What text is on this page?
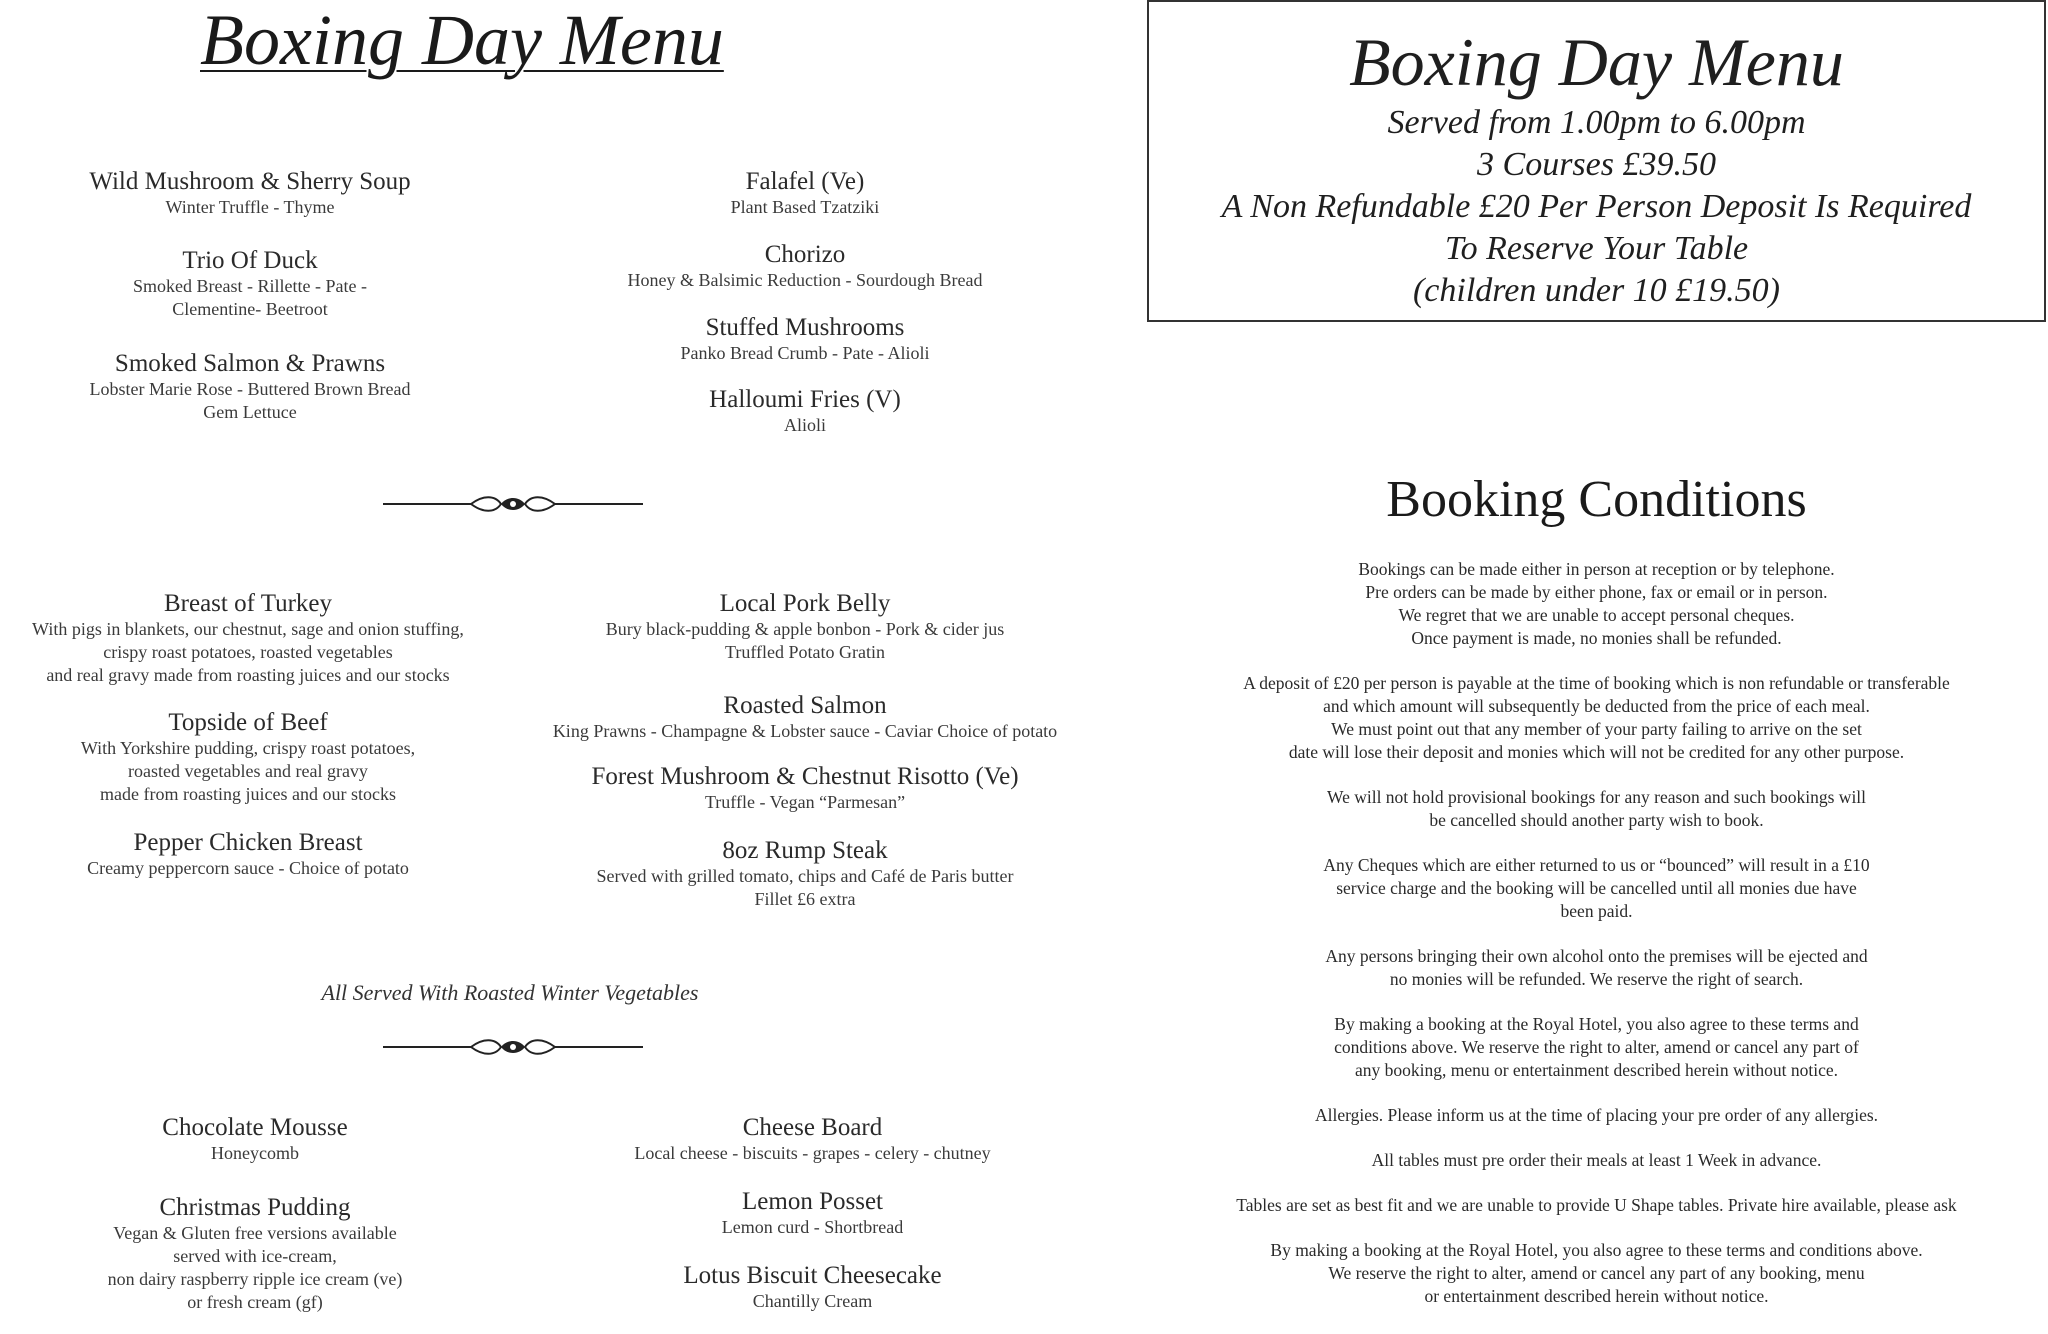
Boxing Day Menu
Wild Mushroom & Sherry Soup
Winter Truffle - Thyme
Trio Of Duck
Smoked Breast - Rillette - Pate -
Clementine- Beetroot
Smoked Salmon & Prawns
Lobster Marie Rose - Buttered Brown Bread
Gem Lettuce
Falafel (Ve)
Plant Based Tzatziki
Chorizo
Honey & Balsimic Reduction - Sourdough Bread
Stuffed Mushrooms
Panko Bread Crumb - Pate - Alioli
Halloumi Fries (V)
Alioli
Breast of Turkey
With pigs in blankets, our chestnut, sage and onion stuffing,
crispy roast potatoes, roasted vegetables
and real gravy made from roasting juices and our stocks
Topside of Beef
With Yorkshire pudding, crispy roast potatoes,
roasted vegetables and real gravy
made from roasting juices and our stocks
Pepper Chicken Breast
Creamy peppercorn sauce - Choice of potato
Local Pork Belly
Bury black-pudding & apple bonbon - Pork & cider jus
Truffled Potato Gratin
Roasted Salmon
King Prawns - Champagne & Lobster sauce - Caviar Choice of potato
Forest Mushroom & Chestnut Risotto (Ve)
Truffle - Vegan “Parmesan”
8oz Rump Steak
Served with grilled tomato, chips and Café de Paris butter
Fillet £6 extra
All Served With Roasted Winter Vegetables
Chocolate Mousse
Honeycomb
Christmas Pudding
Vegan & Gluten free versions available
served with ice-cream,
non dairy raspberry ripple ice cream (ve)
or fresh cream (gf)
Cheese Board
Local cheese - biscuits - grapes - celery - chutney
Lemon Posset
Lemon curd - Shortbread
Lotus Biscuit Cheesecake
Chantilly Cream
Boxing Day Menu
Served from 1.00pm to 6.00pm
3 Courses £39.50
A Non Refundable £20 Per Person Deposit Is Required
To Reserve Your Table
(children under 10 £19.50)
Booking Conditions

Bookings can be made either in person at reception or by telephone.
Pre orders can be made by either phone, fax or email or in person.
We regret that we are unable to accept personal cheques.
Once payment is made, no monies shall be refunded.

A deposit of £20 per person is payable at the time of booking which is non refundable or transferable
and which amount will subsequently be deducted from the price of each meal.
We must point out that any member of your party failing to arrive on the set
date will lose their deposit and monies which will not be credited for any other purpose.

We will not hold provisional bookings for any reason and such bookings will
be cancelled should another party wish to book.

Any Cheques which are either returned to us or “bounced” will result in a £10
service charge and the booking will be cancelled until all monies due have
been paid.

Any persons bringing their own alcohol onto the premises will be ejected and
no monies will be refunded. We reserve the right of search.

By making a booking at the Royal Hotel, you also agree to these terms and
conditions above. We reserve the right to alter, amend or cancel any part of
any booking, menu or entertainment described herein without notice.

Allergies. Please inform us at the time of placing your pre order of any allergies.

All tables must pre order their meals at least 1 Week in advance.

Tables are set as best fit and we are unable to provide U Shape tables. Private hire available, please ask

By making a booking at the Royal Hotel, you also agree to these terms and conditions above.
We reserve the right to alter, amend or cancel any part of any booking, menu
or entertainment described herein without notice.
